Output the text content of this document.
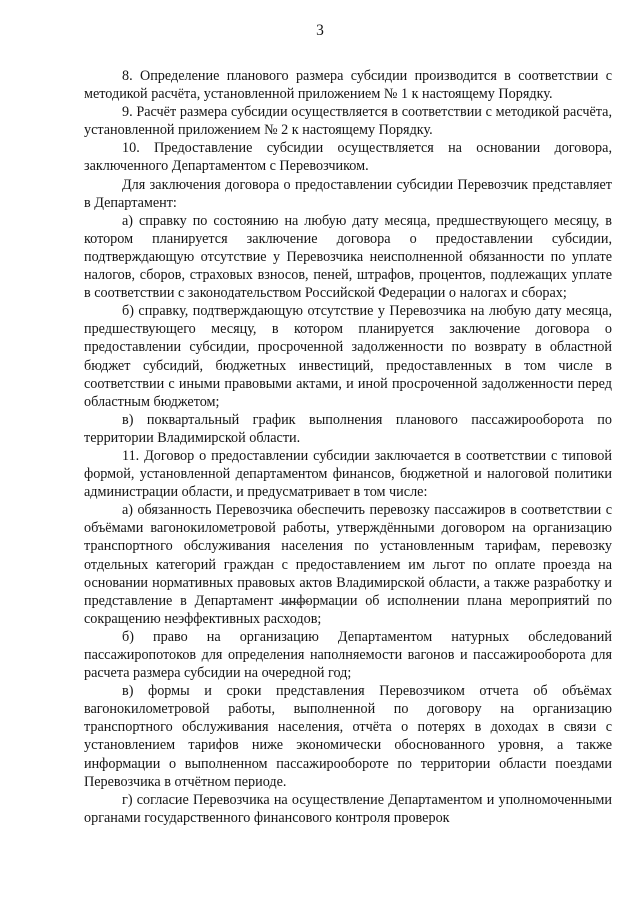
3

8. Определение планового размера субсидии производится в соответствии с методикой расчёта, установленной приложением № 1 к настоящему Порядку.

9. Расчёт размера субсидии осуществляется в соответствии с методикой расчёта, установленной приложением № 2 к настоящему Порядку.

10. Предоставление субсидии осуществляется на основании договора, заключенного Департаментом с Перевозчиком.

Для заключения договора о предоставлении субсидии Перевозчик представляет в Департамент:

а) справку по состоянию на любую дату месяца, предшествующего месяцу, в котором планируется заключение договора о предоставлении субсидии, подтверждающую отсутствие у Перевозчика неисполненной обязанности по уплате налогов, сборов, страховых взносов, пеней, штрафов, процентов, подлежащих уплате в соответствии с законодательством Российской Федерации о налогах и сборах;

б) справку, подтверждающую отсутствие у Перевозчика на любую дату месяца, предшествующего месяцу, в котором планируется заключение договора о предоставлении субсидии, просроченной задолженности по возврату в областной бюджет субсидий, бюджетных инвестиций, предоставленных в том числе в соответствии с иными правовыми актами, и иной просроченной задолженности перед областным бюджетом;

в) поквартальный график выполнения планового пассажирооборота по территории Владимирской области.

11. Договор о предоставлении субсидии заключается в соответствии с типовой формой, установленной департаментом финансов, бюджетной и налоговой политики администрации области, и предусматривает в том числе:

а) обязанность Перевозчика обеспечить перевозку пассажиров в соответствии с объёмами вагонокилометровой работы, утверждёнными договором на организацию транспортного обслуживания населения по установленным тарифам, перевозку отдельных категорий граждан с предоставлением им льгот по оплате проезда на основании нормативных правовых актов Владимирской области, а также разработку и представление в Департамент информации об исполнении плана мероприятий по сокращению неэффективных расходов;

б) право на организацию Департаментом натурных обследований пассажиропотоков для определения наполняемости вагонов и пассажирооборота для расчета размера субсидии на очередной год;

в) формы и сроки представления Перевозчиком отчета об объёмах вагонокилометровой работы, выполненной по договору на организацию транспортного обслуживания населения, отчёта о потерях в доходах в связи с установлением тарифов ниже экономически обоснованного уровня, а также информации о выполненном пассажирообороте по территории области поездами Перевозчика в отчётном периоде.

г) согласие Перевозчика на осуществление Департаментом и уполномоченными органами государственного финансового контроля проверок
